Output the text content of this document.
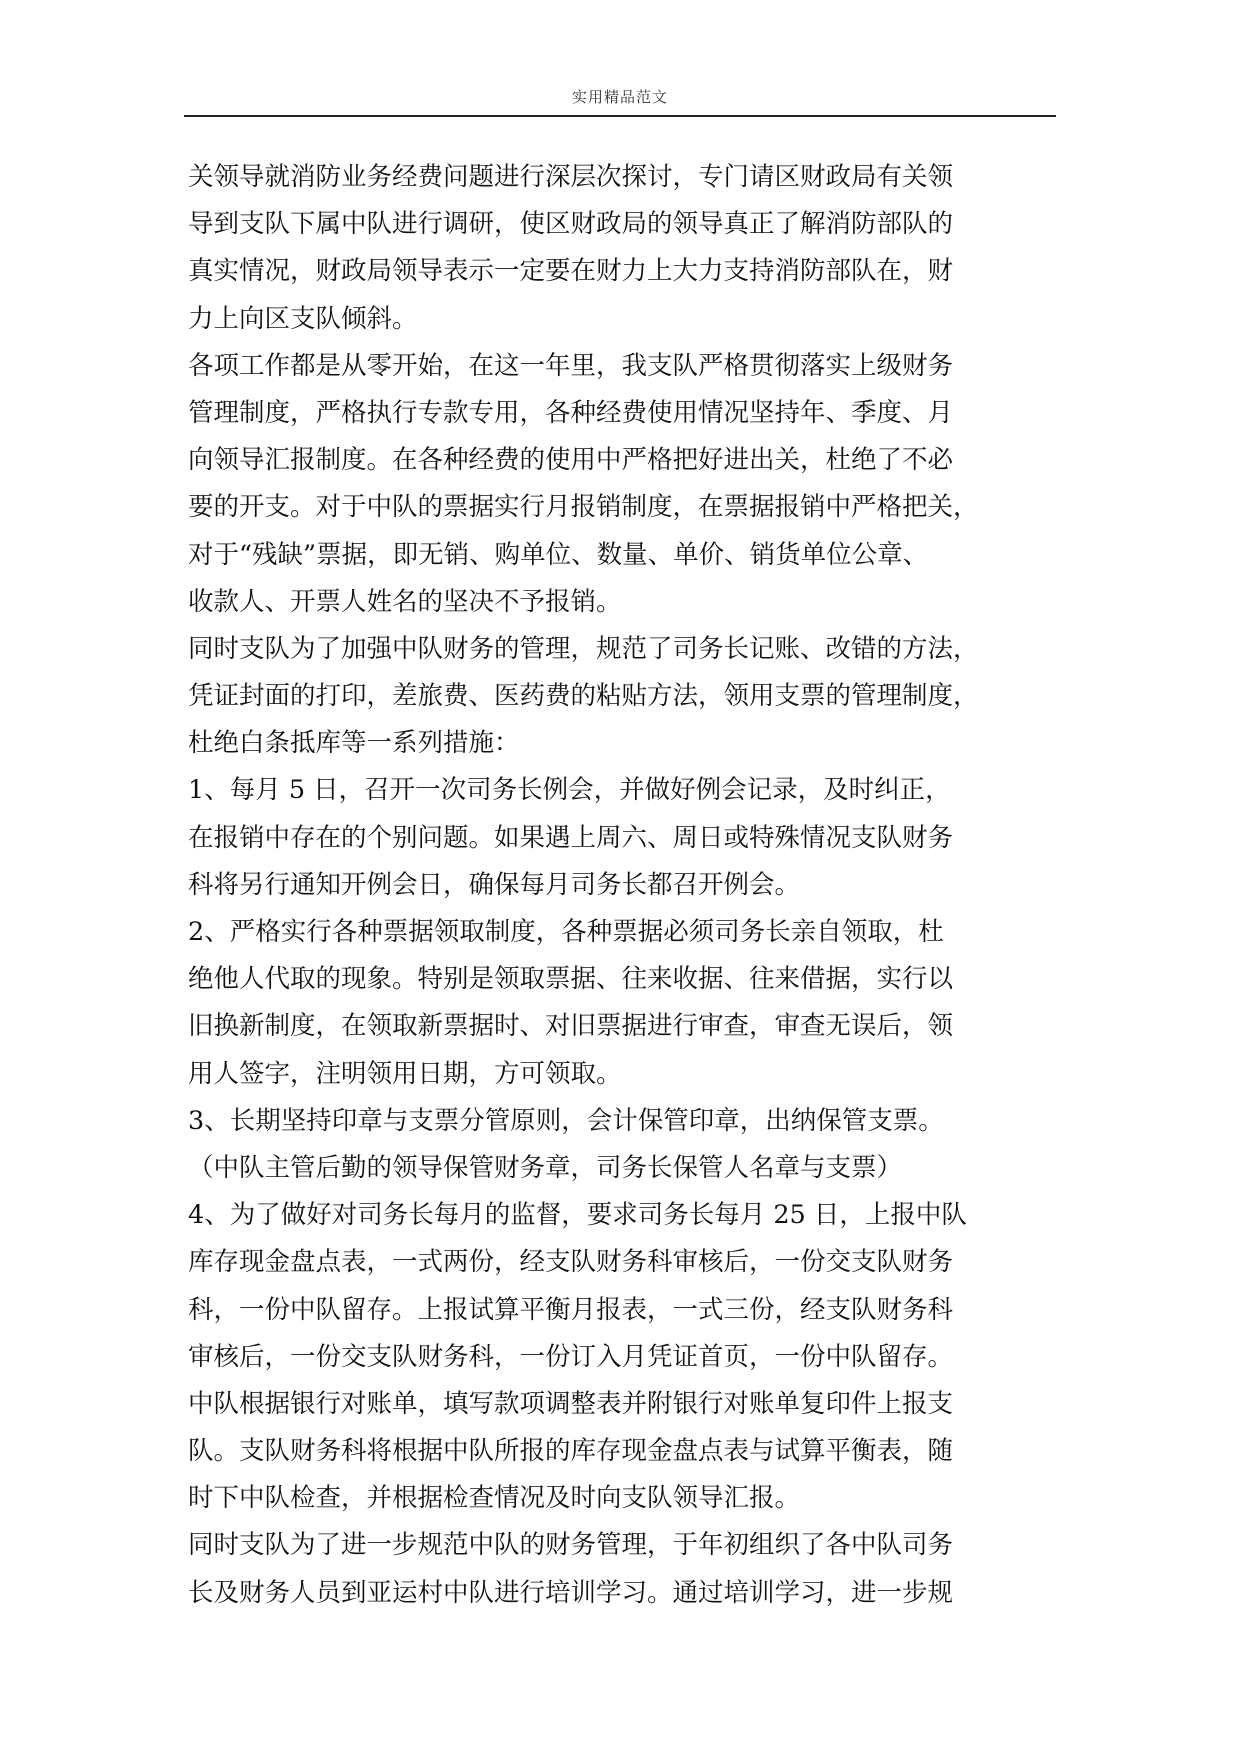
实用精品范文
关领导就消防业务经费问题进行深层次探讨，专门请区财政局有关领
导到支队下属中队进行调研，使区财政局的领导真正了解消防部队的
真实情况，财政局领导表示一定要在财力上大力支持消防部队在，财
力上向区支队倾斜。
各项工作都是从零开始，在这一年里，我支队严格贯彻落实上级财务
管理制度，严格执行专款专用，各种经费使用情况坚持年、季度、月
向领导汇报制度。在各种经费的使用中严格把好进出关，杜绝了不必
要的开支。对于中队的票据实行月报销制度，在票据报销中严格把关，
对于“残缺”票据，即无销、购单位、数量、单价、销货单位公章、
收款人、开票人姓名的坚决不予报销。
同时支队为了加强中队财务的管理，规范了司务长记账、改错的方法，
凭证封面的打印，差旅费、医药费的粘贴方法，领用支票的管理制度，
杜绝白条抵库等一系列措施：
1、每月 5 日，召开一次司务长例会，并做好例会记录，及时纠正，
在报销中存在的个别问题。如果遇上周六、周日或特殊情况支队财务
科将另行通知开例会日，确保每月司务长都召开例会。
2、严格实行各种票据领取制度，各种票据必须司务长亲自领取，杜
绝他人代取的现象。特别是领取票据、往来收据、往来借据，实行以
旧换新制度，在领取新票据时、对旧票据进行审查，审查无误后，领
用人签字，注明领用日期，方可领取。
3、长期坚持印章与支票分管原则，会计保管印章，出纳保管支票。
（中队主管后勤的领导保管财务章，司务长保管人名章与支票）
4、为了做好对司务长每月的监督，要求司务长每月 25 日，上报中队
库存现金盘点表，一式两份，经支队财务科审核后，一份交支队财务
科，一份中队留存。上报试算平衡月报表，一式三份，经支队财务科
审核后，一份交支队财务科，一份订入月凭证首页，一份中队留存。
中队根据银行对账单，填写款项调整表并附银行对账单复印件上报支
队。支队财务科将根据中队所报的库存现金盘点表与试算平衡表，随
时下中队检查，并根据检查情况及时向支队领导汇报。
同时支队为了进一步规范中队的财务管理，于年初组织了各中队司务
长及财务人员到亚运村中队进行培训学习。通过培训学习，进一步规
